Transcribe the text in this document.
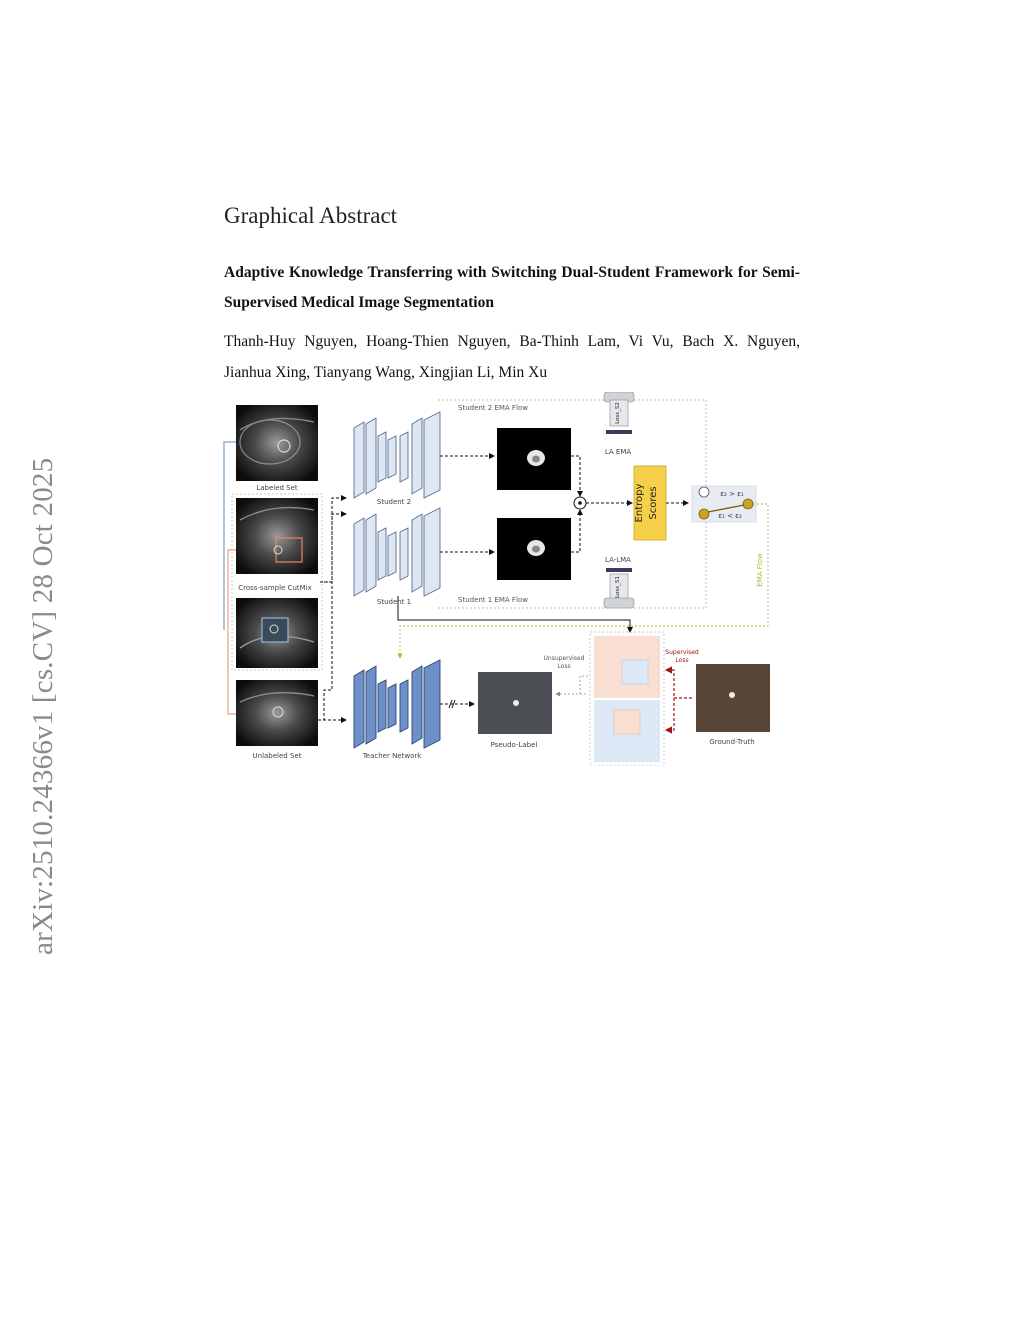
arXiv:2510.24366v1 [cs.CV] 28 Oct 2025
Graphical Abstract

Adaptive Knowledge Transferring with Switching Dual-Student Framework for Semi-Supervised Medical Image Segmentation

Thanh-Huy Nguyen, Hoang-Thien Nguyen, Ba-Thinh Lam, Vi Vu, Bach X. Nguyen, Jianhua Xing, Tianyang Wang, Xingjian Li, Min Xu

Labeled Set
Cross-sample CutMix
Unlabeled Set
Student 2
Student 1
Teacher Network
Entropy Scores	ε₂ > ε₁
ε₁ < ε₂
Student 2 EMA Flow
Student 1 EMA Flow
Loss_S2
LA EMA
LA-LMA
Loss_S1
EMA Flow
Pseudo-Label
Unsupervised
Loss
Supervised
Loss
Ground-Truth
